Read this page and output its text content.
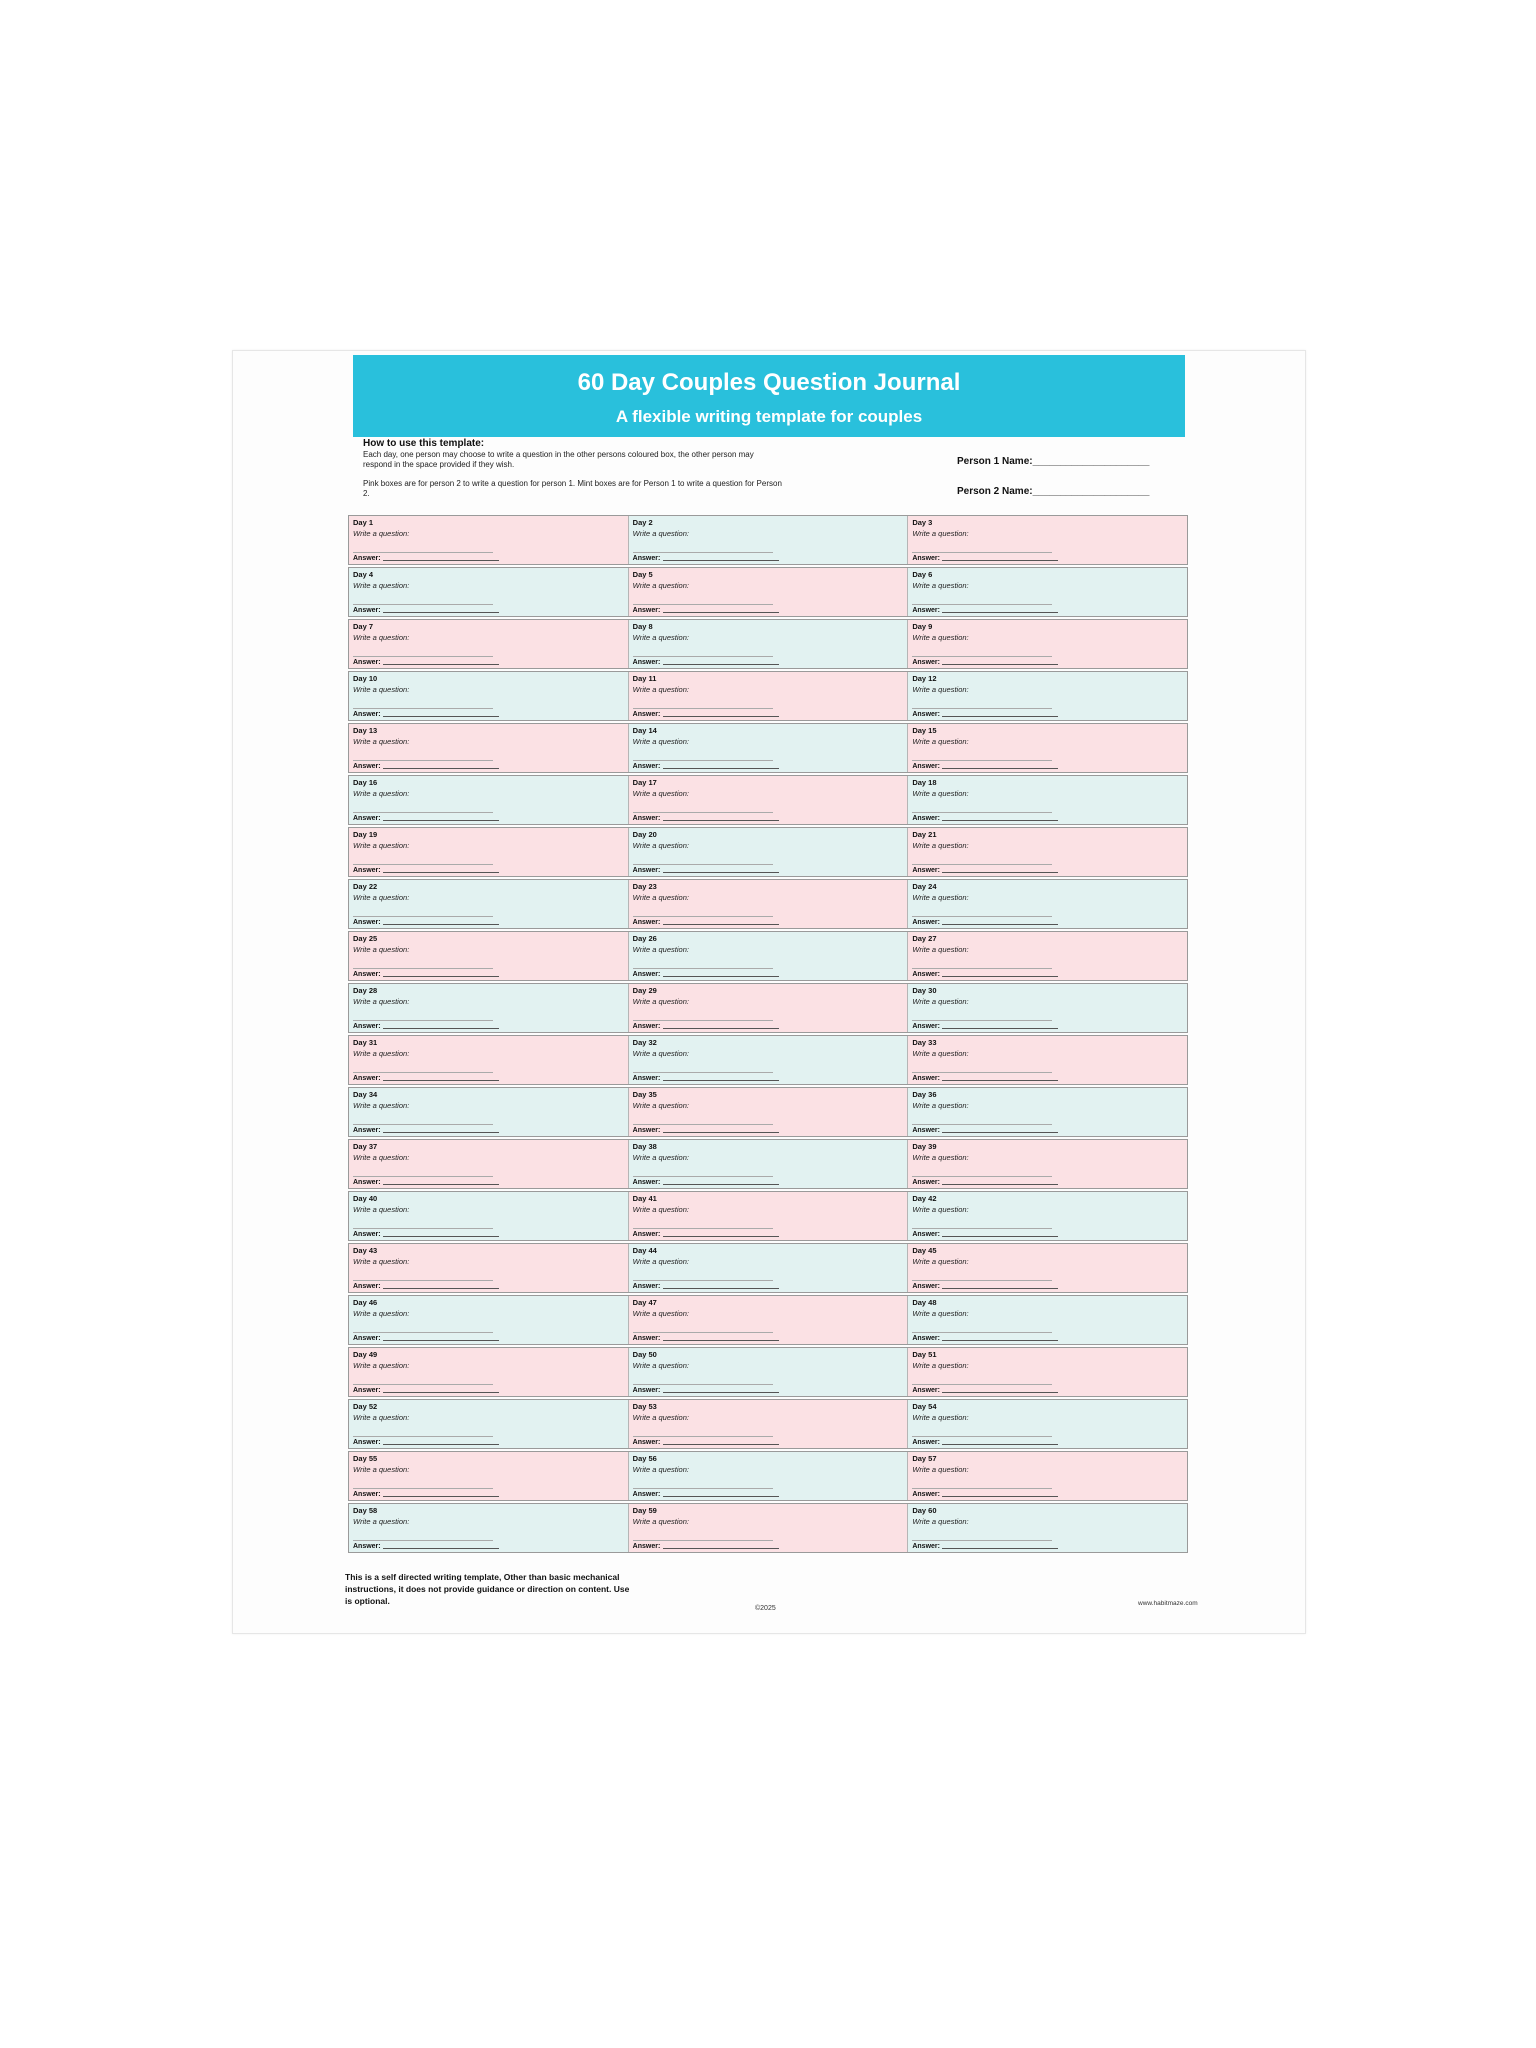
60 Day Couples Question Journal
A flexible writing template for couples
How to use this template:

Each day, one person may choose to write a question in the other persons coloured box, the other person may respond in the space provided if they wish.

Pink boxes are for person 2 to write a question for person 1. Mint boxes are for Person 1 to write a question for Person 2.

Person 1 Name:_____________________
Person 2 Name:_____________________
Day 1
Write a question:
Answer:
Day 2
Write a question:
Answer:
Day 3
Write a question:
Answer:
Day 4
Write a question:
Answer:
Day 5
Write a question:
Answer:
Day 6
Write a question:
Answer:
Day 7
Write a question:
Answer:
Day 8
Write a question:
Answer:
Day 9
Write a question:
Answer:
Day 10
Write a question:
Answer:
Day 11
Write a question:
Answer:
Day 12
Write a question:
Answer:
Day 13
Write a question:
Answer:
Day 14
Write a question:
Answer:
Day 15
Write a question:
Answer:
Day 16
Write a question:
Answer:
Day 17
Write a question:
Answer:
Day 18
Write a question:
Answer:
Day 19
Write a question:
Answer:
Day 20
Write a question:
Answer:
Day 21
Write a question:
Answer:
Day 22
Write a question:
Answer:
Day 23
Write a question:
Answer:
Day 24
Write a question:
Answer:
Day 25
Write a question:
Answer:
Day 26
Write a question:
Answer:
Day 27
Write a question:
Answer:
Day 28
Write a question:
Answer:
Day 29
Write a question:
Answer:
Day 30
Write a question:
Answer:
Day 31
Write a question:
Answer:
Day 32
Write a question:
Answer:
Day 33
Write a question:
Answer:
Day 34
Write a question:
Answer:
Day 35
Write a question:
Answer:
Day 36
Write a question:
Answer:
Day 37
Write a question:
Answer:
Day 38
Write a question:
Answer:
Day 39
Write a question:
Answer:
Day 40
Write a question:
Answer:
Day 41
Write a question:
Answer:
Day 42
Write a question:
Answer:
Day 43
Write a question:
Answer:
Day 44
Write a question:
Answer:
Day 45
Write a question:
Answer:
Day 46
Write a question:
Answer:
Day 47
Write a question:
Answer:
Day 48
Write a question:
Answer:
Day 49
Write a question:
Answer:
Day 50
Write a question:
Answer:
Day 51
Write a question:
Answer:
Day 52
Write a question:
Answer:
Day 53
Write a question:
Answer:
Day 54
Write a question:
Answer:
Day 55
Write a question:
Answer:
Day 56
Write a question:
Answer:
Day 57
Write a question:
Answer:
Day 58
Write a question:
Answer:
Day 59
Write a question:
Answer:
Day 60
Write a question:
Answer:
This is a self directed writing template, Other than basic mechanical instructions, it does not provide guidance or direction on content. Use is optional.
©2025
www.habitmaze.com
